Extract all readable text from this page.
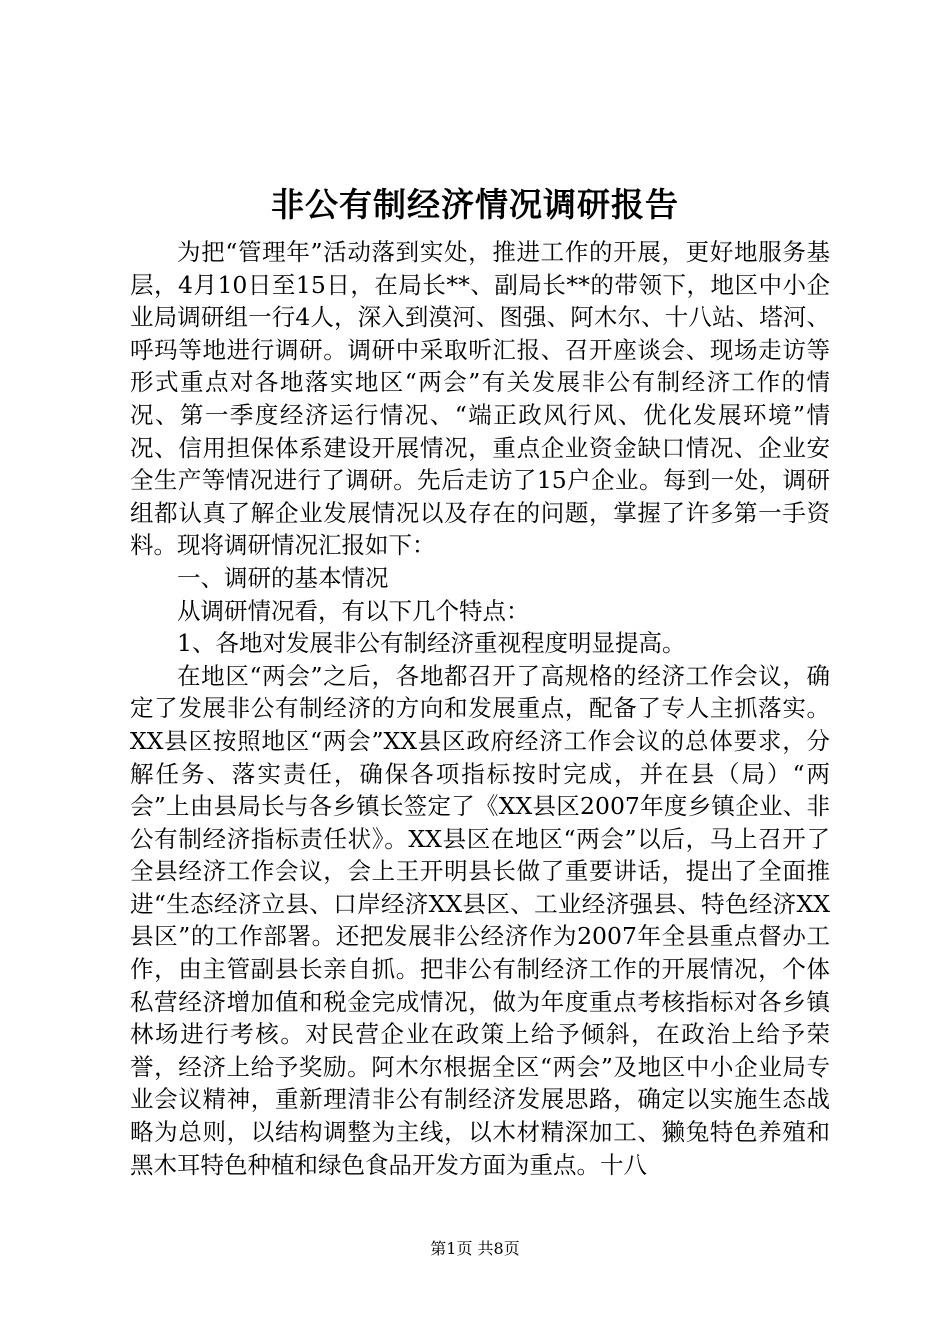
非公有制经济情况调研报告

为把“管理年”活动落到实处，推进工作的开展，更好地服务基层，4月10日至15日，在局长**、副局长**的带领下，地区中小企业局调研组一行4人，深入到漠河、图强、阿木尔、十八站、塔河、呼玛等地进行调研。调研中采取听汇报、召开座谈会、现场走访等形式重点对各地落实地区“两会”有关发展非公有制经济工作的情况、第一季度经济运行情况、“端正政风行风、优化发展环境”情况、信用担保体系建设开展情况，重点企业资金缺口情况、企业安全生产等情况进行了调研。先后走访了15户企业。每到一处，调研组都认真了解企业发展情况以及存在的问题，掌握了许多第一手资料。现将调研情况汇报如下：

一、调研的基本情况

从调研情况看，有以下几个特点：

1、各地对发展非公有制经济重视程度明显提高。

在地区“两会”之后，各地都召开了高规格的经济工作会议，确定了发展非公有制经济的方向和发展重点，配备了专人主抓落实。XX县区按照地区“两会”XX县区政府经济工作会议的总体要求，分解任务、落实责任，确保各项指标按时完成，并在县（局）“两会”上由县局长与各乡镇长签定了《XX县区2007年度乡镇企业、非公有制经济指标责任状》。XX县区在地区“两会”以后，马上召开了全县经济工作会议，会上王开明县长做了重要讲话，提出了全面推进“生态经济立县、口岸经济XX县区、工业经济强县、特色经济XX县区”的工作部署。还把发展非公经济作为2007年全县重点督办工作，由主管副县长亲自抓。把非公有制经济工作的开展情况，个体私营经济增加值和税金完成情况，做为年度重点考核指标对各乡镇林场进行考核。对民营企业在政策上给予倾斜，在政治上给予荣誉，经济上给予奖励。阿木尔根据全区“两会”及地区中小企业局专业会议精神，重新理清非公有制经济发展思路，确定以实施生态战略为总则，以结构调整为主线，以木材精深加工、獭兔特色养殖和黑木耳特色种植和绿色食品开发方面为重点。十八

第1页 共8页
